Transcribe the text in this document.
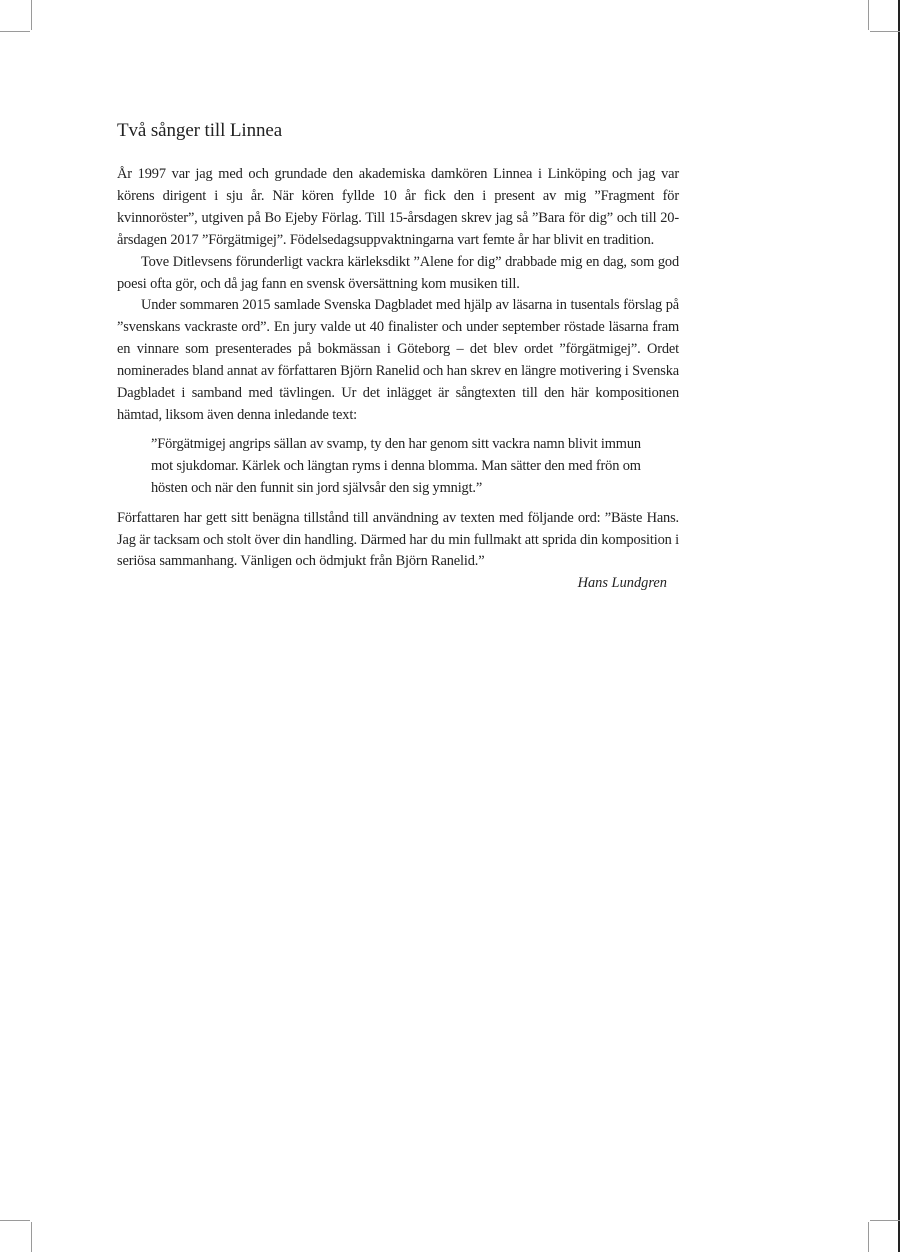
Två sånger till Linnea

År 1997 var jag med och grundade den akademiska damkören Linnea i Linköping och jag var körens dirigent i sju år. När kören fyllde 10 år fick den i present av mig ”Fragment för kvinnoröster”, utgiven på Bo Ejeby Förlag. Till 15-årsdagen skrev jag så ”Bara för dig” och till 20-årsdagen 2017 ”Förgätmigej”. Födelsedagsuppvaktningarna vart femte år har blivit en tradition.

Tove Ditlevsens förunderligt vackra kärleksdikt ”Alene for dig” drabbade mig en dag, som god poesi ofta gör, och då jag fann en svensk översättning kom musiken till.

Under sommaren 2015 samlade Svenska Dagbladet med hjälp av läsarna in tusentals förslag på ”svenskans vackraste ord”. En jury valde ut 40 finalister och under september röstade läsarna fram en vinnare som presenterades på bokmässan i Göteborg – det blev ordet ”förgätmigej”. Ordet nominerades bland annat av författaren Björn Ranelid och han skrev en längre motivering i Svenska Dagbladet i samband med tävlingen. Ur det inlägget är sångtexten till den här kompositionen hämtad, liksom även denna inledande text:

”Förgätmigej angrips sällan av svamp, ty den har genom sitt vackra namn blivit immun mot sjukdomar. Kärlek och längtan ryms i denna blomma. Man sätter den med frön om hösten och när den funnit sin jord självsår den sig ymnigt.”

Författaren har gett sitt benägna tillstånd till användning av texten med följande ord: ”Bäste Hans. Jag är tacksam och stolt över din handling. Därmed har du min fullmakt att sprida din komposition i seriösa sammanhang. Vänligen och ödmjukt från Björn Ranelid.”

Hans Lundgren
